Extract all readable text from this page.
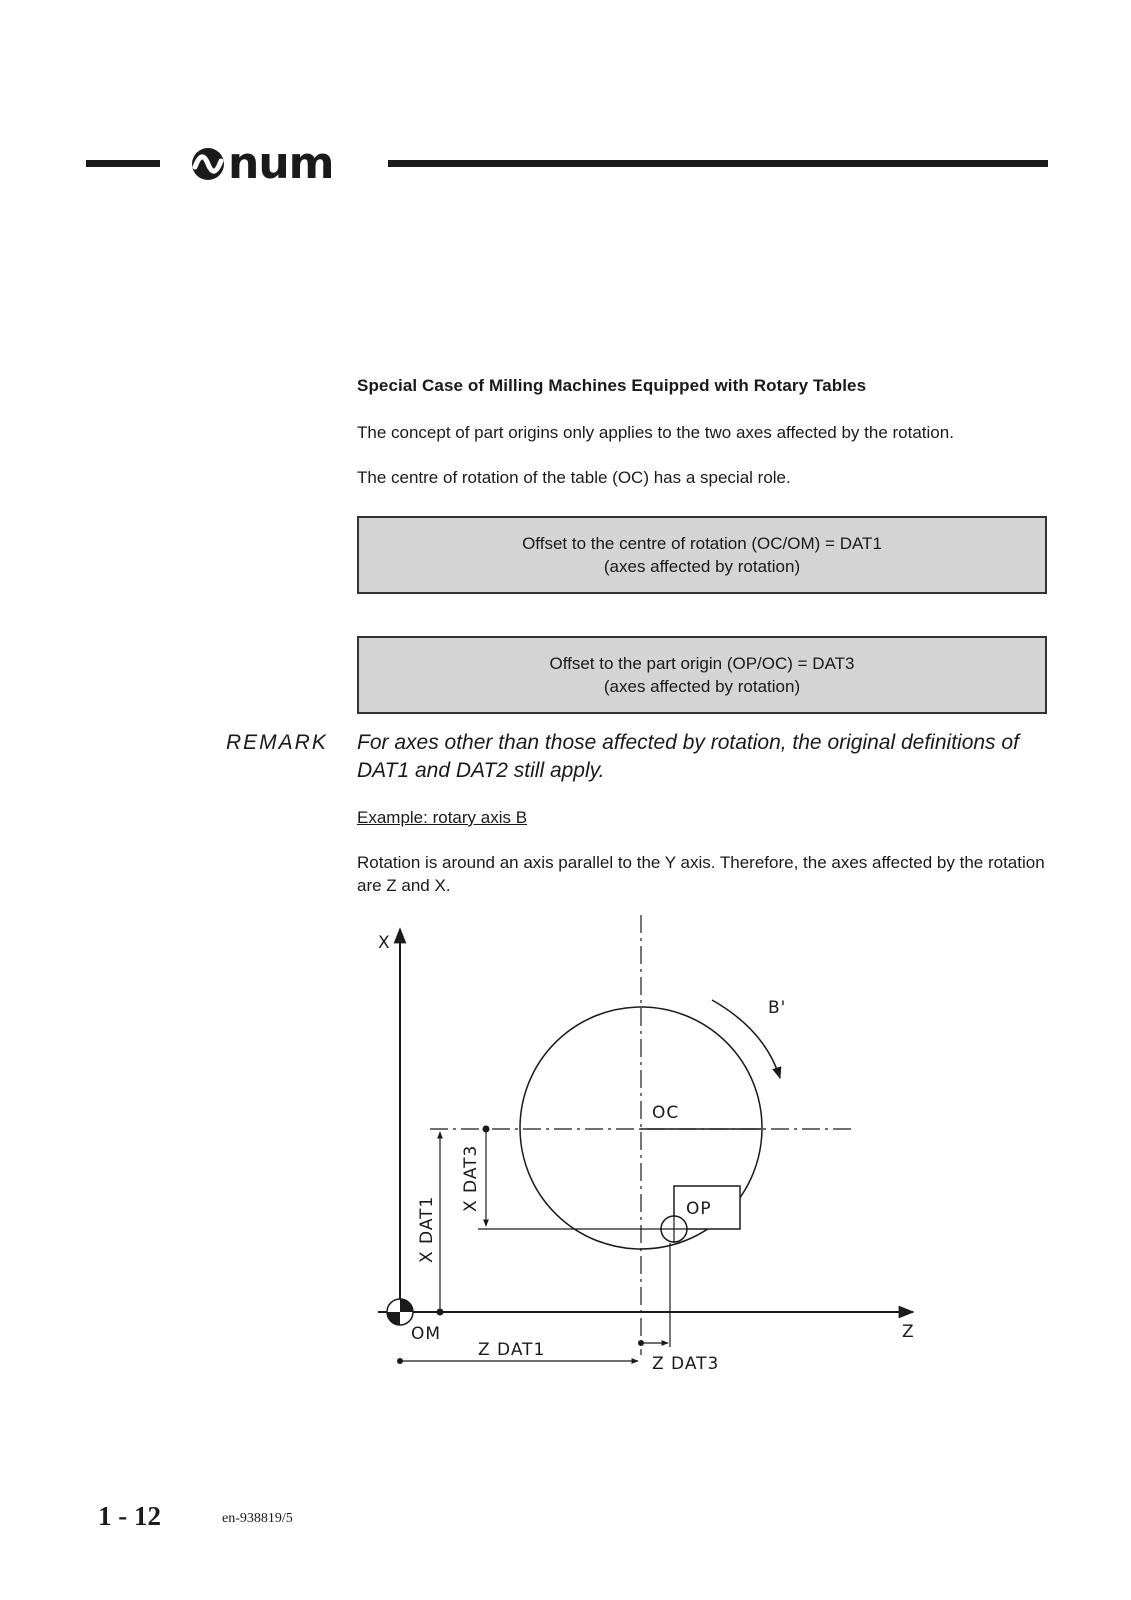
num
Special Case of Milling Machines Equipped with Rotary Tables
The concept of part origins only applies to the two axes affected by the rotation.
The centre of rotation of the table (OC) has a special role.
Offset to the centre of rotation (OC/OM) = DAT1
(axes affected by rotation)
Offset to the part origin (OP/OC) = DAT3
(axes affected by rotation)
REMARK For axes other than those affected by rotation, the original definitions of DAT1 and DAT2 still apply.
Example: rotary axis B
Rotation is around an axis parallel to the Y axis. Therefore, the axes affected by the rotation are Z and X.
X
Z
B'
OC
OP
X DAT3
X DAT1
OM
Z DAT1
Z DAT3
1 - 12	en-938819/5
